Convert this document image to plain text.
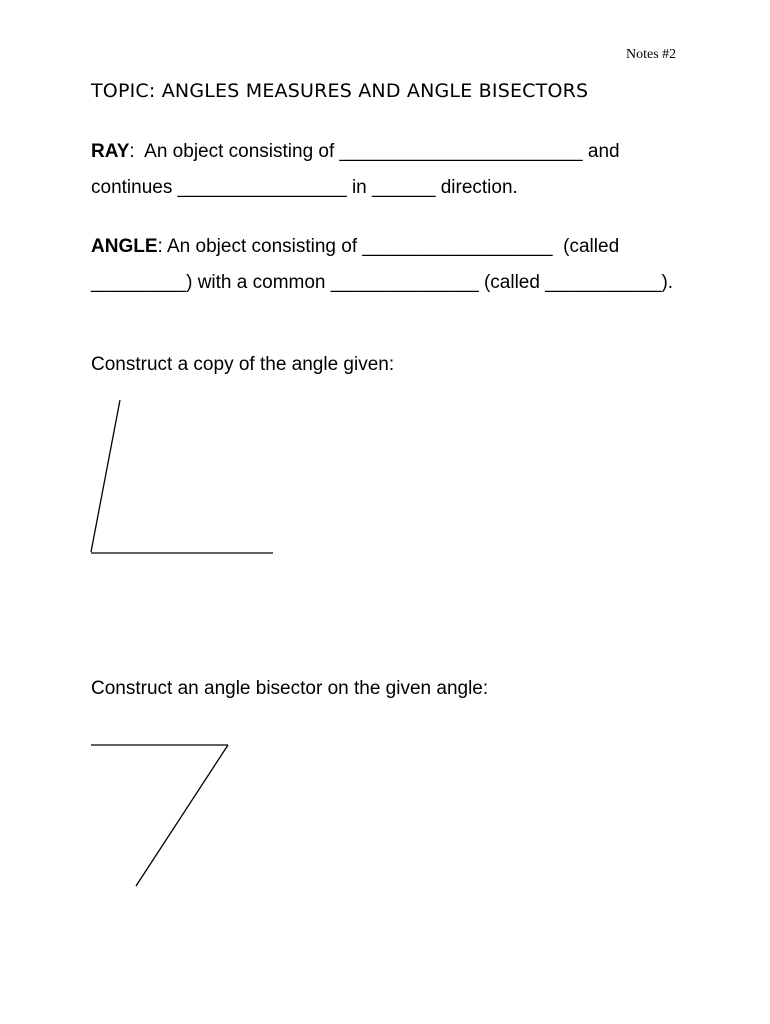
Notes #2
TOPIC: ANGLES MEASURES AND ANGLE BISECTORS
RAY:  An object consisting of _______________________ and
continues ________________ in ______ direction.
ANGLE: An object consisting of __________________  (called
_________) with a common ______________ (called ___________).
Construct a copy of the angle given:
Construct an angle bisector on the given angle:
